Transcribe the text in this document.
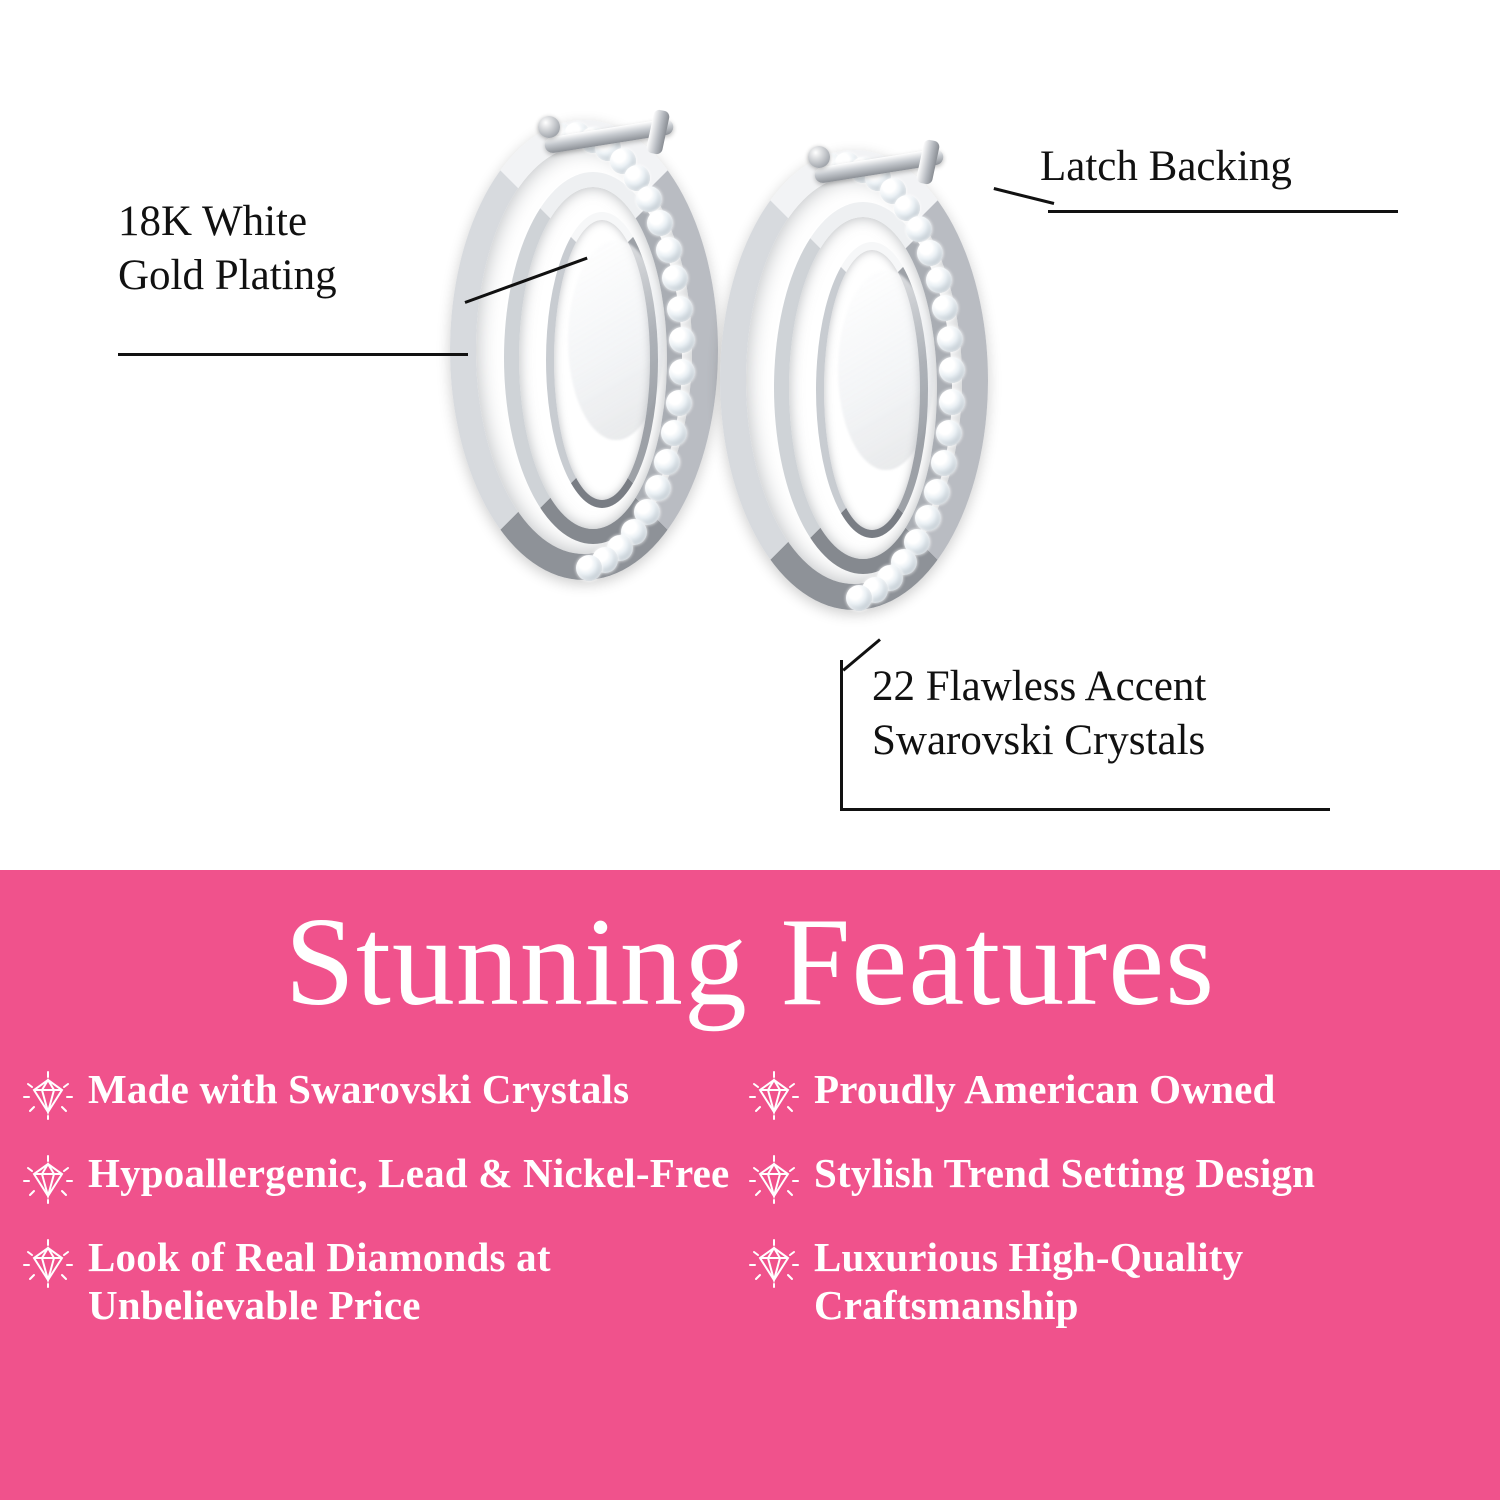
18K White
Gold Plating
Latch Backing
22 Flawless Accent
Swarovski Crystals
Stunning Features
Made with Swarovski Crystals	Proudly American Owned
Hypoallergenic, Lead & Nickel-Free Stylish Trend Setting Design
Look of Real Diamonds at Unbelievable Price
Luxurious High-Quality Craftsmanship
